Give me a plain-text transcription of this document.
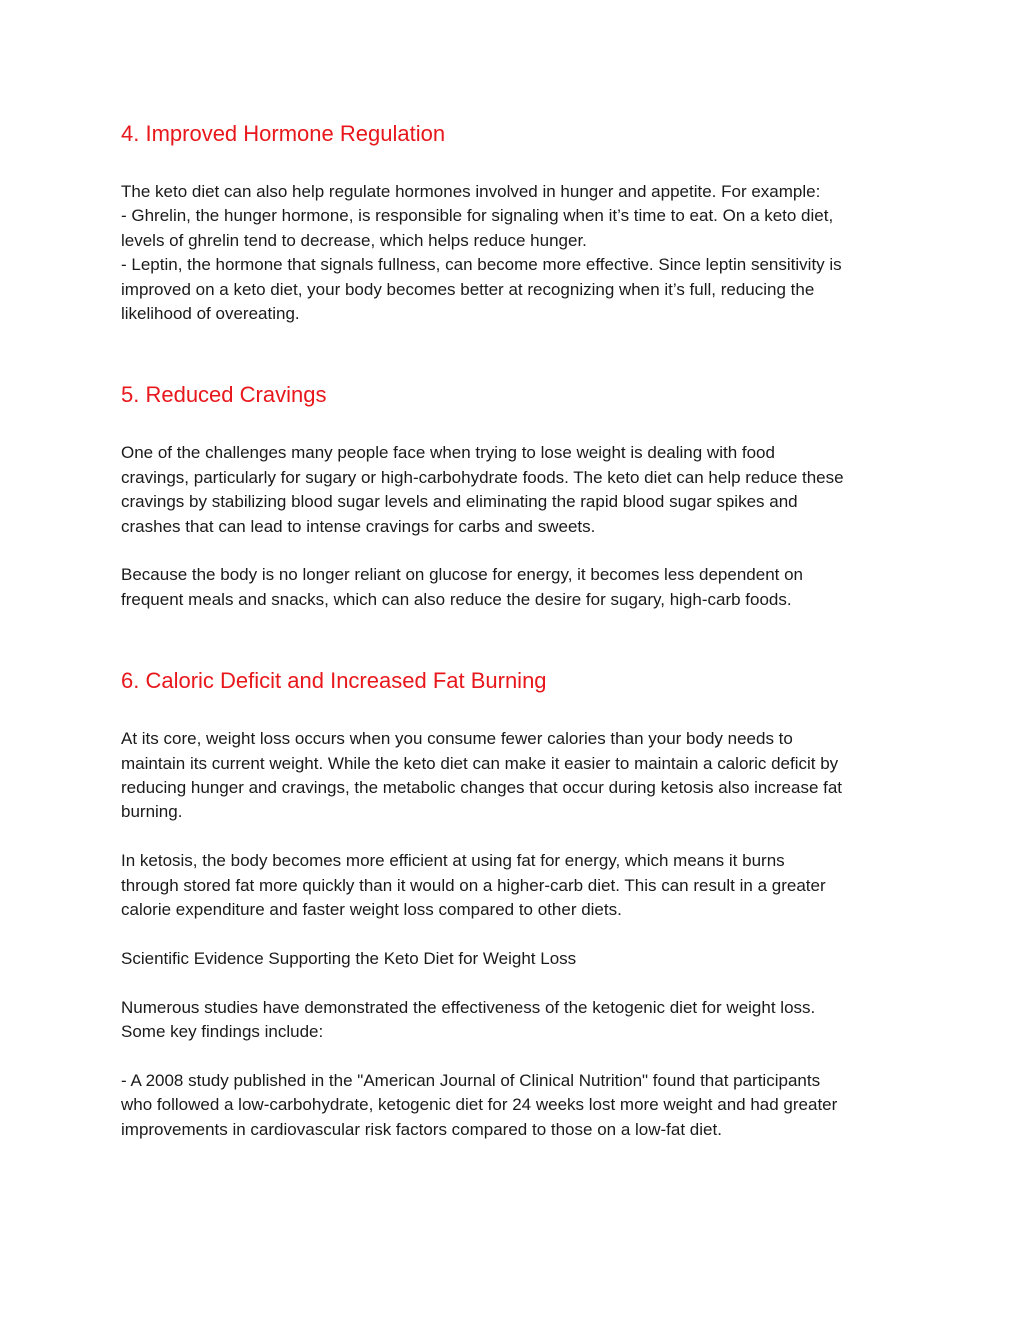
4. Improved Hormone Regulation

The keto diet can also help regulate hormones involved in hunger and appetite. For example:
- Ghrelin, the hunger hormone, is responsible for signaling when it’s time to eat. On a keto diet,
levels of ghrelin tend to decrease, which helps reduce hunger.
- Leptin, the hormone that signals fullness, can become more effective. Since leptin sensitivity is
improved on a keto diet, your body becomes better at recognizing when it’s full, reducing the
likelihood of overeating.

5. Reduced Cravings

One of the challenges many people face when trying to lose weight is dealing with food
cravings, particularly for sugary or high-carbohydrate foods. The keto diet can help reduce these
cravings by stabilizing blood sugar levels and eliminating the rapid blood sugar spikes and
crashes that can lead to intense cravings for carbs and sweets.

Because the body is no longer reliant on glucose for energy, it becomes less dependent on
frequent meals and snacks, which can also reduce the desire for sugary, high-carb foods.

6. Caloric Deficit and Increased Fat Burning

At its core, weight loss occurs when you consume fewer calories than your body needs to
maintain its current weight. While the keto diet can make it easier to maintain a caloric deficit by
reducing hunger and cravings, the metabolic changes that occur during ketosis also increase fat
burning.

In ketosis, the body becomes more efficient at using fat for energy, which means it burns
through stored fat more quickly than it would on a higher-carb diet. This can result in a greater
calorie expenditure and faster weight loss compared to other diets.

Scientific Evidence Supporting the Keto Diet for Weight Loss

Numerous studies have demonstrated the effectiveness of the ketogenic diet for weight loss.
Some key findings include:

- A 2008 study published in the "American Journal of Clinical Nutrition" found that participants
who followed a low-carbohydrate, ketogenic diet for 24 weeks lost more weight and had greater
improvements in cardiovascular risk factors compared to those on a low-fat diet.
